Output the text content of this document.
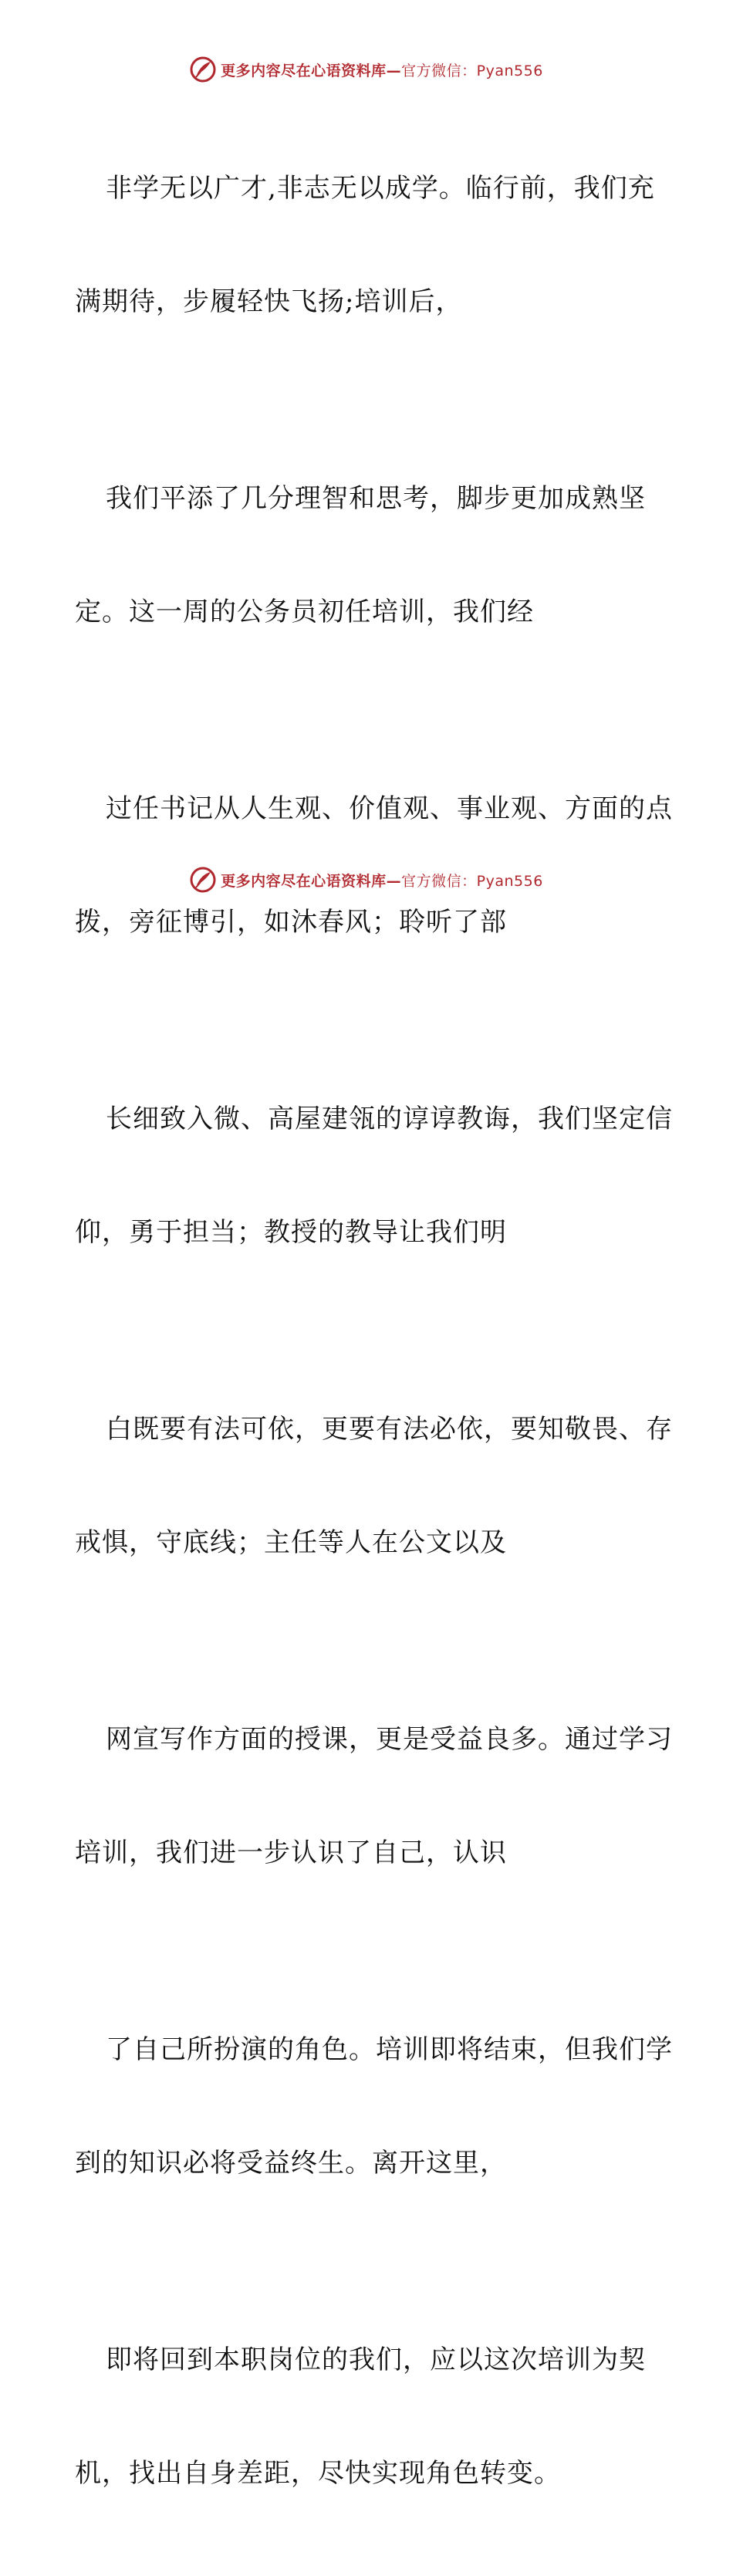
更多内容尽在心语资料库—官方微信：Pyan556

非学无以广才,非志无以成学。临行前，我们充

满期待，步履轻快飞扬;培训后，

我们平添了几分理智和思考，脚步更加成熟坚

定。这一周的公务员初任培训，我们经

过任书记从人生观、价值观、事业观、方面的点

拨，旁征博引，如沐春风；聆听了部

长细致入微、高屋建瓴的谆谆教诲，我们坚定信

仰，勇于担当；教授的教导让我们明

白既要有法可依，更要有法必依，要知敬畏、存

戒惧，守底线；主任等人在公文以及

网宣写作方面的授课，更是受益良多。通过学习

培训，我们进一步认识了自己，认识

了自己所扮演的角色。培训即将结束，但我们学

到的知识必将受益终生。离开这里，

即将回到本职岗位的我们，应以这次培训为契

机，找出自身差距，尽快实现角色转变。

更多内容尽在心语资料库—官方微信：Pyan556
